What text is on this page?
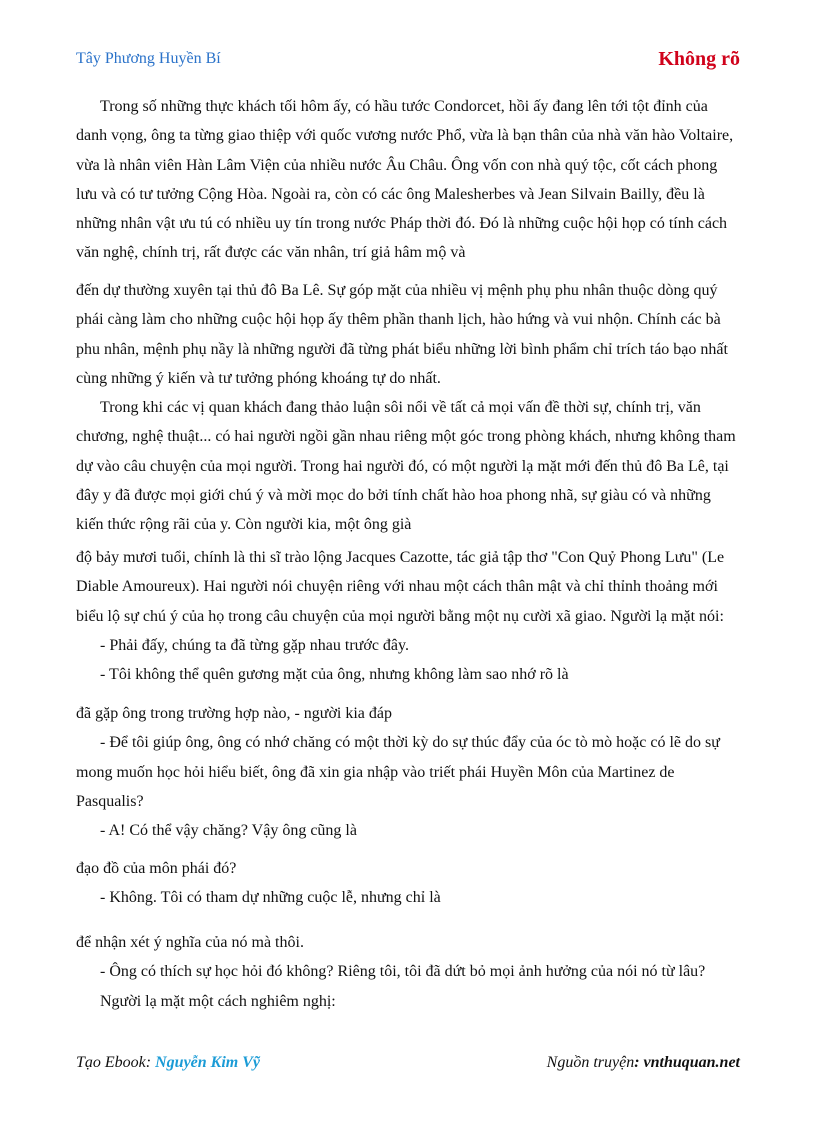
Tây Phương Huyền Bí	Không rõ

Trong số những thực khách tối hôm ấy, có hầu tước Condorcet, hồi ấy đang lên tới tột đỉnh của danh vọng, ông ta từng giao thiệp với quốc vương nước Phổ, vừa là bạn thân của nhà văn hào Voltaire, vừa là nhân viên Hàn Lâm Viện của nhiều nước Âu Châu. Ông vốn con nhà quý tộc, cốt cách phong lưu và có tư tưởng Cộng Hòa. Ngoài ra, còn có các ông Malesherbes và Jean Silvain Bailly, đều là những nhân vật ưu tú có nhiều uy tín trong nước Pháp thời đó. Đó là những cuộc hội họp có tính cách văn nghệ, chính trị, rất được các văn nhân, trí giả hâm mộ và

đến dự thường xuyên tại thủ đô Ba Lê. Sự góp mặt của nhiều vị mệnh phụ phu nhân thuộc dòng quý phái càng làm cho những cuộc hội họp ấy thêm phần thanh lịch, hào hứng và vui nhộn. Chính các bà phu nhân, mệnh phụ nầy là những người đã từng phát biểu những lời bình phẩm chỉ trích táo bạo nhất cùng những ý kiến và tư tưởng phóng khoáng tự do nhất.

Trong khi các vị quan khách đang thảo luận sôi nổi về tất cả mọi vấn đề thời sự, chính trị, văn chương, nghệ thuật... có hai người ngồi gần nhau riêng một góc trong phòng khách, nhưng không tham dự vào câu chuyện của mọi người. Trong hai người đó, có một người lạ mặt mới đến thủ đô Ba Lê, tại đây y đã được mọi giới chú ý và mời mọc do bởi tính chất hào hoa phong nhã, sự giàu có và những kiến thức rộng rãi của y. Còn người kia, một ông già

độ bảy mươi tuổi, chính là thi sĩ trào lộng Jacques Cazotte, tác giả tập thơ "Con Quỷ Phong Lưu" (Le Diable Amoureux). Hai người nói chuyện riêng với nhau một cách thân mật và chỉ thỉnh thoảng mới biểu lộ sự chú ý của họ trong câu chuyện của mọi người bằng một nụ cười xã giao. Người lạ mặt nói:

- Phải đấy, chúng ta đã từng gặp nhau trước đây.

- Tôi không thể quên gương mặt của ông, nhưng không làm sao nhớ rõ là

đã gặp ông trong trường hợp nào, - người kia đáp

- Để tôi giúp ông, ông có nhớ chăng có một thời kỳ do sự thúc đẩy của óc tò mò hoặc có lẽ do sự mong muốn học hỏi hiểu biết, ông đã xin gia nhập vào triết phái Huyền Môn của Martinez de Pasqualis?

- A! Có thể vậy chăng? Vậy ông cũng là

đạo đồ của môn phái đó?

- Không. Tôi có tham dự những cuộc lễ, nhưng chỉ là

để nhận xét ý nghĩa của nó mà thôi.

- Ông có thích sự học hỏi đó không? Riêng tôi, tôi đã dứt bỏ mọi ảnh hưởng của nói nó từ lâu?

Người lạ mặt một cách nghiêm nghị:

Tạo Ebook: Nguyễn Kim Vỹ	Nguồn truyện: vnthuquan.net
